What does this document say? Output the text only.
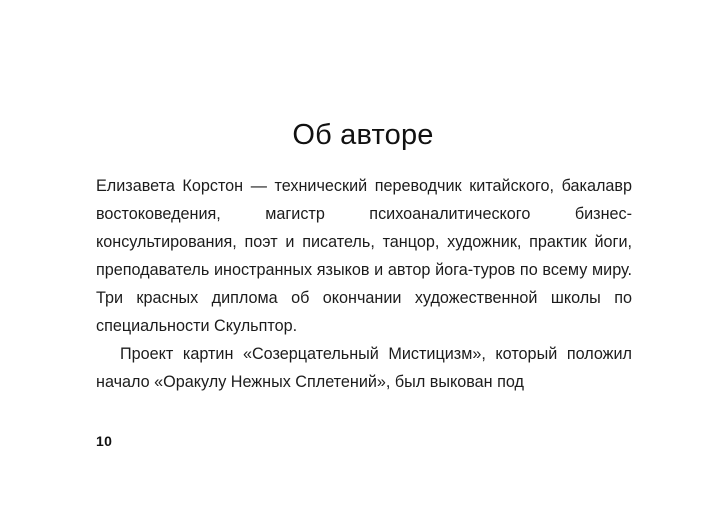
Об авторе

Елизавета Корстон — технический переводчик китайского, бакалавр востоковедения, магистр психоаналитического бизнес-консультирования, поэт и писатель, танцор, художник, практик йоги, преподаватель иностранных языков и автор йога-туров по всему миру. Три красных диплома об окончании художественной школы по специальности Скульптор.

Проект картин «Созерцательный Мистицизм», который положил начало «Оракулу Нежных Сплетений», был выкован под

10
